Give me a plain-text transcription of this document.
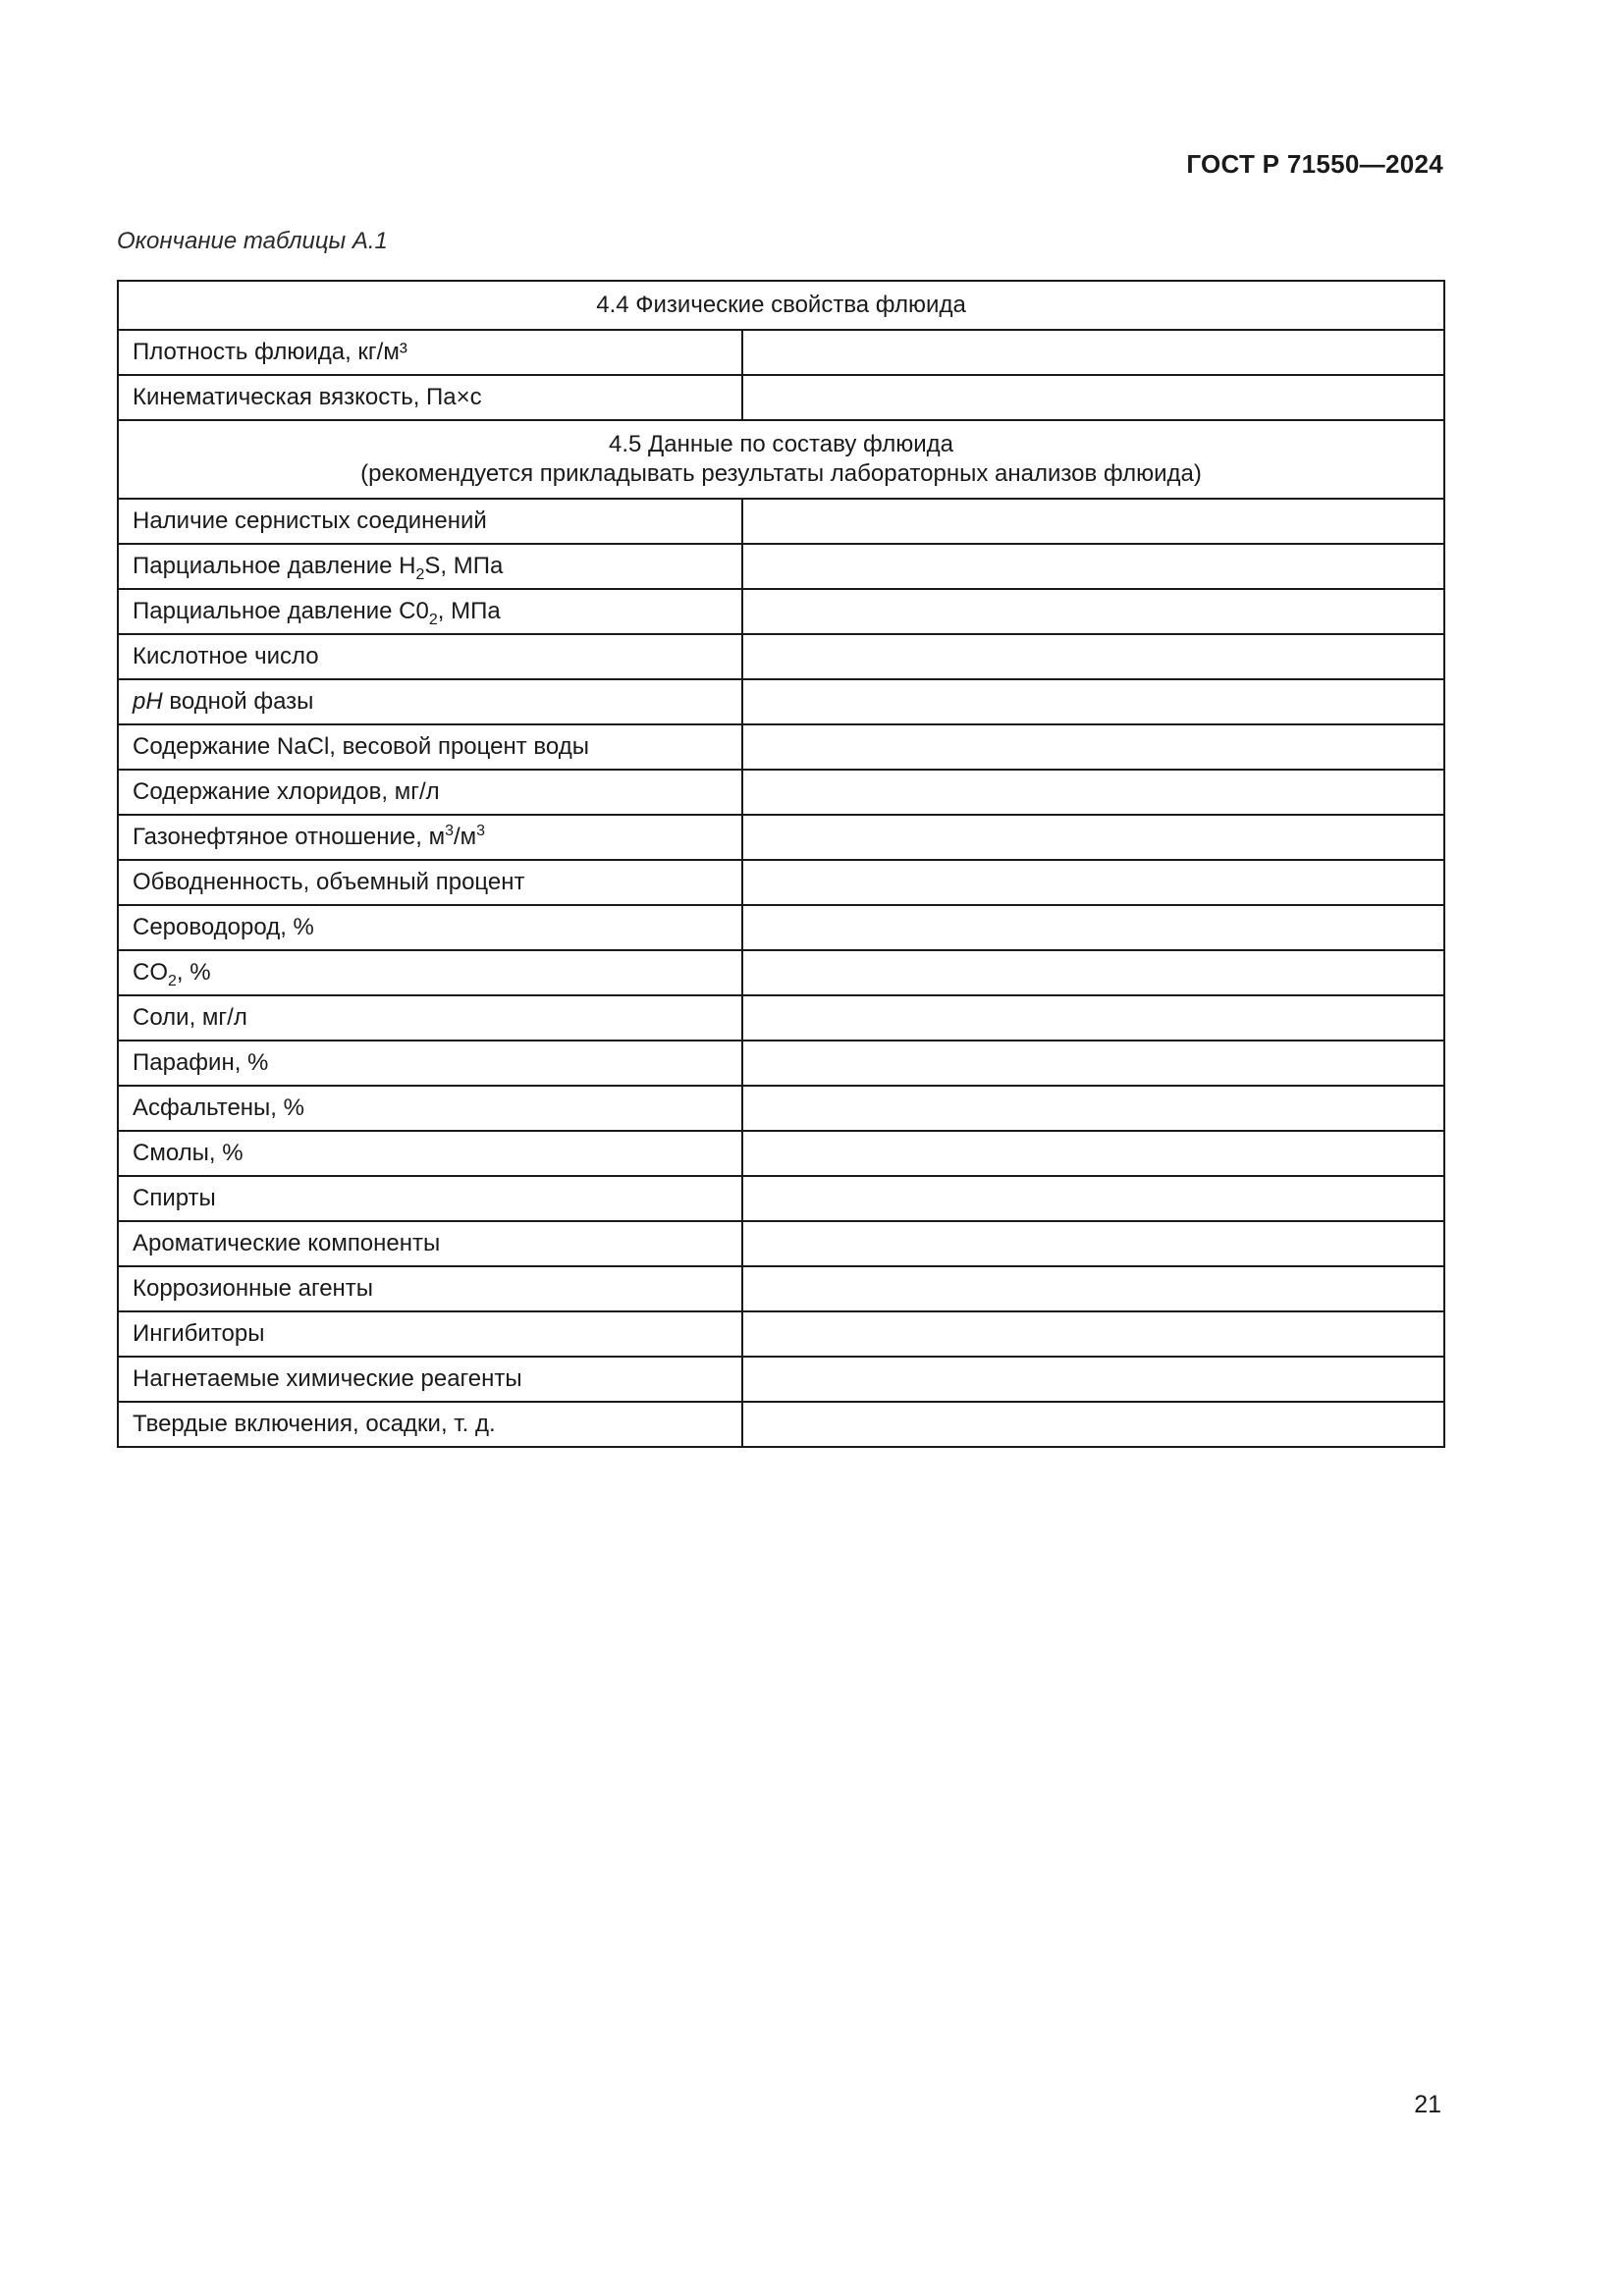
ГОСТ Р 71550—2024
Окончание таблицы А.1
4.4 Физические свойства флюида	
Плотность флюида, кг/м³	
Кинематическая вязкость, Па×с	

4.5 Данные по составу флюида
(рекомендуется прикладывать результаты лабораторных анализов флюида)	

Наличие сернистых соединений	
Парциальное давление $H_2S$, МПа	
Парциальное давление $C0_2$, МПа	
Кислотное число	
pH водной фазы	
Содержание NaCl, весовой процент воды	
Содержание хлоридов, мг/л	
Газонефтяное отношение, $м^3/м^3$	
Обводненность, объемный процент	
Сероводород, %	
$CO_2$, %	
Соли, мг/л	
Парафин, %	
Асфальтены, %	
Смолы, %	
Спирты	
Ароматические компоненты	
Коррозионные агенты	
Ингибиторы	
Нагнетаемые химические реагенты	
Твердые включения, осадки, т. д.	
21
